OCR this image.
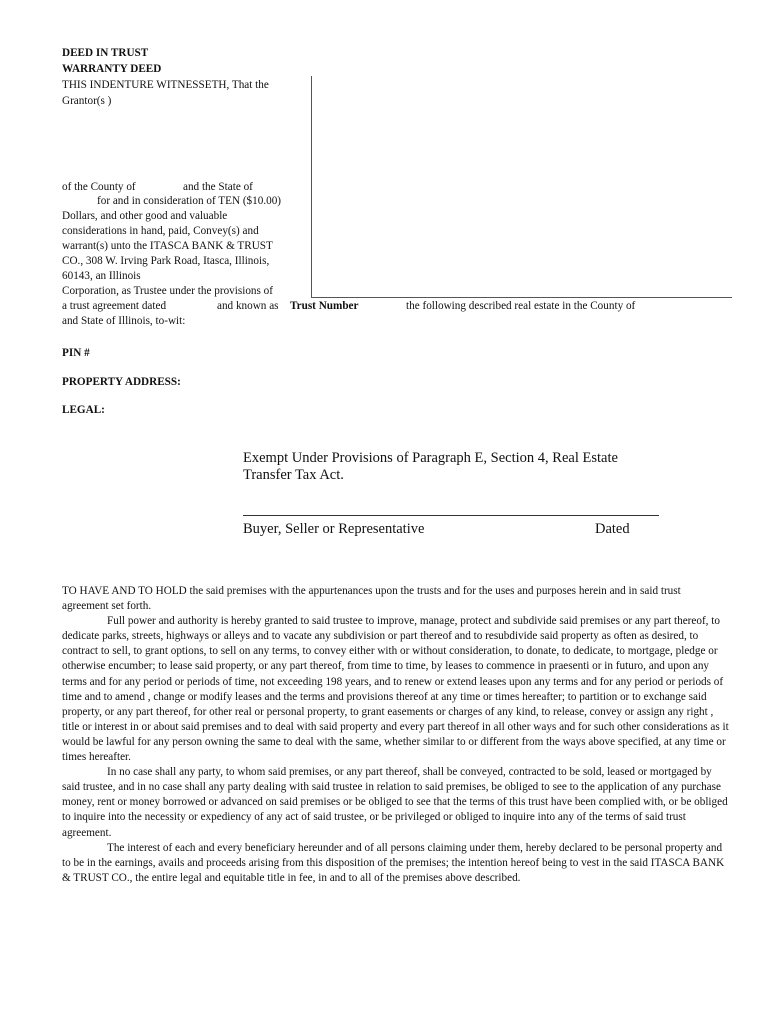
DEED IN TRUST
WARRANTY DEED
THIS INDENTURE WITNESSETH, That the
Grantor(s )
of the County of	and the State of
for and in consideration of TEN ($10.00)
Dollars, and other good and valuable
considerations in hand, paid, Convey(s) and
warrant(s) unto the ITASCA BANK & TRUST
CO., 308 W. Irving Park Road, Itasca, Illinois,
60143, an Illinois
Corporation, as Trustee under the provisions of
a trust agreement dated	and known as Trust Number	the following described real estate in the County of
and State of Illinois, to-wit:
PIN #
PROPERTY ADDRESS:
LEGAL:
Exempt Under Provisions of Paragraph E, Section 4, Real Estate
Transfer Tax Act.
Buyer, Seller or Representative	Dated

TO HAVE AND TO HOLD the said premises with the appurtenances upon the trusts and for the uses and purposes herein and in said trust agreement set forth.

Full power and authority is hereby granted to said trustee to improve, manage, protect and subdivide said premises or any part thereof, to dedicate parks, streets, highways or alleys and to vacate any subdivision or part thereof and to resubdivide said property as often as desired, to contract to sell, to grant options, to sell on any terms, to convey either with or without consideration, to donate, to dedicate, to mortgage, pledge or otherwise encumber; to lease said property, or any part thereof, from time to time, by leases to commence in praesenti or in futuro, and upon any terms and for any period or periods of time, not exceeding 198 years, and to renew or extend leases upon any terms and for any period or periods of time and to amend , change or modify leases and the terms and provisions thereof at any time or times hereafter; to partition or to exchange said property, or any part thereof, for other real or personal property, to grant easements or charges of any kind, to release, convey or assign any right , title or interest in or about said premises and to deal with said property and every part thereof in all other ways and for such other considerations as it would be lawful for any person owning the same to deal with the same, whether similar to or different from the ways above specified, at any time or times hereafter.

In no case shall any party, to whom said premises, or any part thereof, shall be conveyed, contracted to be sold, leased or mortgaged by said trustee, and in no case shall any party dealing with said trustee in relation to said premises, be obliged to see to the application of any purchase money, rent or money borrowed or advanced on said premises or be obliged to see that the terms of this trust have been complied with, or be obliged to inquire into the necessity or expediency of any act of said trustee, or be privileged or obliged to inquire into any of the terms of said trust agreement.

The interest of each and every beneficiary hereunder and of all persons claiming under them, hereby declared to be personal property and to be in the earnings, avails and proceeds arising from this disposition of the premises; the intention hereof being to vest in the said ITASCA BANK & TRUST CO., the entire legal and equitable title in fee, in and to all of the premises above described.
